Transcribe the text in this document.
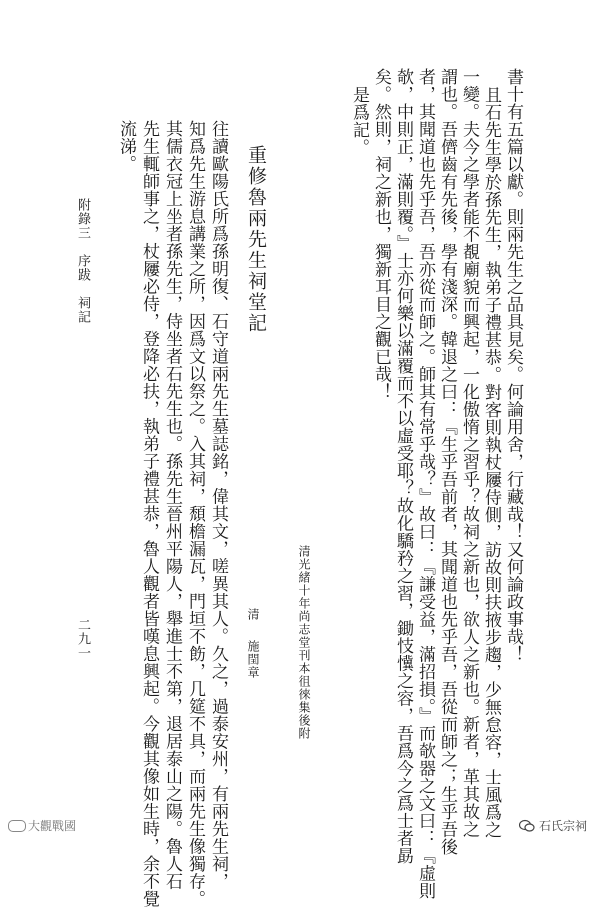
書十有五篇以獻。則兩先生之品具見矣。何論用舍，行藏哉！又何論政事哉！
且石先生學於孫先生，執弟子禮甚恭。對客則執杖屨侍側，訪故則扶掖步趨，少無怠容，士風爲之
一變。夫今之學者能不覩廟貌而興起，一化傲惰之習乎？故祠之新也，欲人之新也。新者，革其故之
謂也。吾儕齒有先後，學有淺深。韓退之曰：『生乎吾前者，其聞道也先乎吾，吾從而師之；生乎吾後
者，其聞道也先乎吾，吾亦從而師之。師其有常乎哉？』故曰：『謙受益，滿招損。』而欹器之文曰：『虛則
欹，中則正，滿則覆。』士亦何樂以滿覆而不以虛受耶？故化驕矜之習，鋤忮懻之容，吾爲今之爲士者勗
矣。然則，祠之新也，獨新耳目之觀已哉！
是爲記。
清光緒十年尚志堂刊本徂徠集後附
重修魯兩先生祠堂記
清
施閏章
往讀歐陽氏所爲孫明復、石守道兩先生墓誌銘，偉其文，嗟異其人。久之，過泰安州，有兩先生祠，
知爲先生游息講業之所，因爲文以祭之。入其祠，頹檐漏瓦，門垣不飭，几筵不具，而兩先生像獨存。
其儒衣冠上坐者孫先生，侍坐者石先生也。孫先生晉州平陽人，舉進士不第，退居泰山之陽。魯人石
先生輒師事之，杖屨必侍，登降必扶，執弟子禮甚恭，魯人觀者皆嘆息興起。今觀其像如生時，余不覺
流涕。
附錄三　序跋　祠記
二九一
大觀戰國	石氏宗祠
